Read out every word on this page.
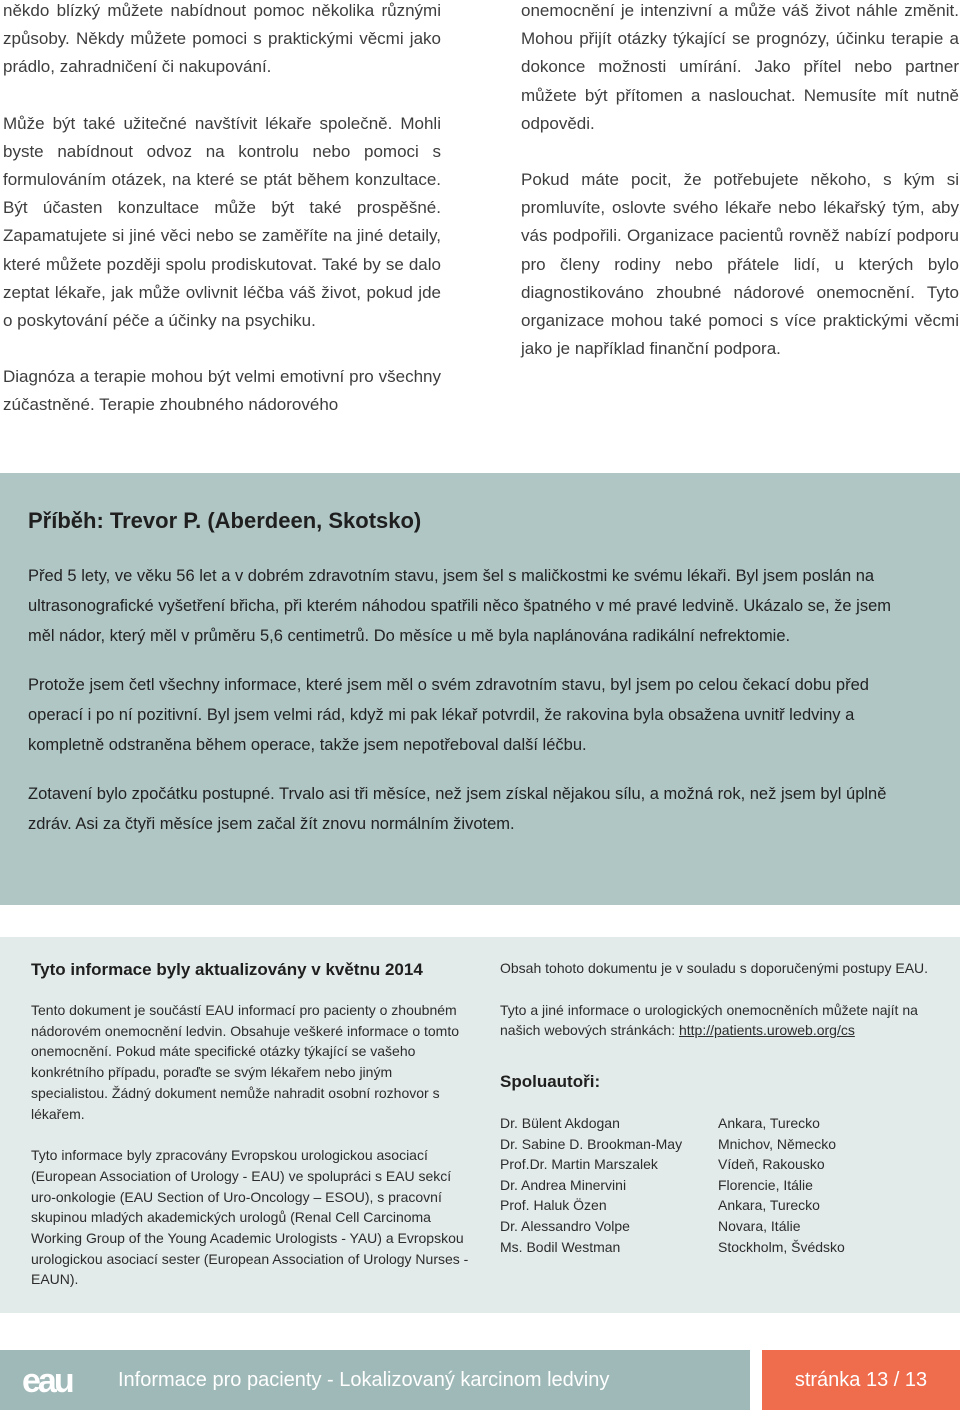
někdo blízký můžete nabídnout pomoc několika různými způsoby. Někdy můžete pomoci s praktickými věcmi jako prádlo, zahradničení či nakupování.

Může být také užitečné navštívit lékaře společně. Mohli byste nabídnout odvoz na kontrolu nebo pomoci s formulováním otázek, na které se ptát během konzultace. Být účasten konzultace může být také prospěšné. Zapamatujete si jiné věci nebo se zaměříte na jiné detaily, které můžete později spolu prodiskutovat. Také by se dalo zeptat lékaře, jak může ovlivnit léčba váš život, pokud jde o poskytování péče a účinky na psychiku.

Diagnóza a terapie mohou být velmi emotivní pro všechny zúčastněné. Terapie zhoubného nádorového

onemocnění je intenzivní a může váš život náhle změnit. Mohou přijít otázky týkající se prognózy, účinku terapie a dokonce možnosti umírání. Jako přítel nebo partner můžete být přítomen a naslouchat. Nemusíte mít nutně odpovědi.

Pokud máte pocit, že potřebujete někoho, s kým si promluvíte, oslovte svého lékaře nebo lékařský tým, aby vás podpořili. Organizace pacientů rovněž nabízí podporu pro členy rodiny nebo přátele lidí, u kterých bylo diagnostikováno zhoubné nádorové onemocnění. Tyto organizace mohou také pomoci s více praktickými věcmi jako je například finanční podpora.

Příběh: Trevor P. (Aberdeen, Skotsko)

Před 5 lety, ve věku 56 let a v dobrém zdravotním stavu, jsem šel s maličkostmi ke svému lékaři. Byl jsem poslán na ultrasonografické vyšetření břicha, při kterém náhodou spatřili něco špatného v mé pravé ledvině. Ukázalo se, že jsem měl nádor, který měl v průměru 5,6 centimetrů. Do měsíce u mě byla naplánována radikální nefrektomie.

Protože jsem četl všechny informace, které jsem měl o svém zdravotním stavu, byl jsem po celou čekací dobu před operací i po ní pozitivní. Byl jsem velmi rád, když mi pak lékař potvrdil, že rakovina byla obsažena uvnitř ledviny a kompletně odstraněna během operace, takže jsem nepotřeboval další léčbu.

Zotavení bylo zpočátku postupné. Trvalo asi tři měsíce, než jsem získal nějakou sílu, a možná rok, než jsem byl úplně zdráv. Asi za čtyři měsíce jsem začal žít znovu normálním životem.

Tyto informace byly aktualizovány v květnu 2014

Tento dokument je součástí EAU informací pro pacienty o zhoubném nádorovém onemocnění ledvin. Obsahuje veškeré informace o tomto onemocnění. Pokud máte specifické otázky týkající se vašeho konkrétního případu, poraďte se svým lékařem nebo jiným specialistou. Žádný dokument nemůže nahradit osobní rozhovor s lékařem.

Tyto informace byly zpracovány Evropskou urologickou asociací (European Association of Urology - EAU) ve spolupráci s EAU sekcí uro-onkologie (EAU Section of Uro-Oncology – ESOU), s pracovní skupinou mladých akademických urologů (Renal Cell Carcinoma Working Group of the Young Academic Urologists - YAU) a Evropskou urologickou asociací sester (European Association of Urology Nurses - EAUN).

Obsah tohoto dokumentu je v souladu s doporučenými postupy EAU.

Tyto a jiné informace o urologických onemocněních můžete najít na našich webových stránkách: http://patients.uroweb.org/cs

Spoluautoři:
Dr. Bülent Akdogan	Ankara, Turecko
Dr. Sabine D. Brookman-May	Mnichov, Německo
Prof.Dr. Martin Marszalek	Vídeň, Rakousko
Dr. Andrea Minervini	Florencie, Itálie
Prof. Haluk Özen	Ankara, Turecko
Dr. Alessandro Volpe	Novara, Itálie
Ms. Bodil Westman	Stockholm, Švédsko
eau Informace pro pacienty - Lokalizovaný karcinom ledviny	stránka 13 / 13
